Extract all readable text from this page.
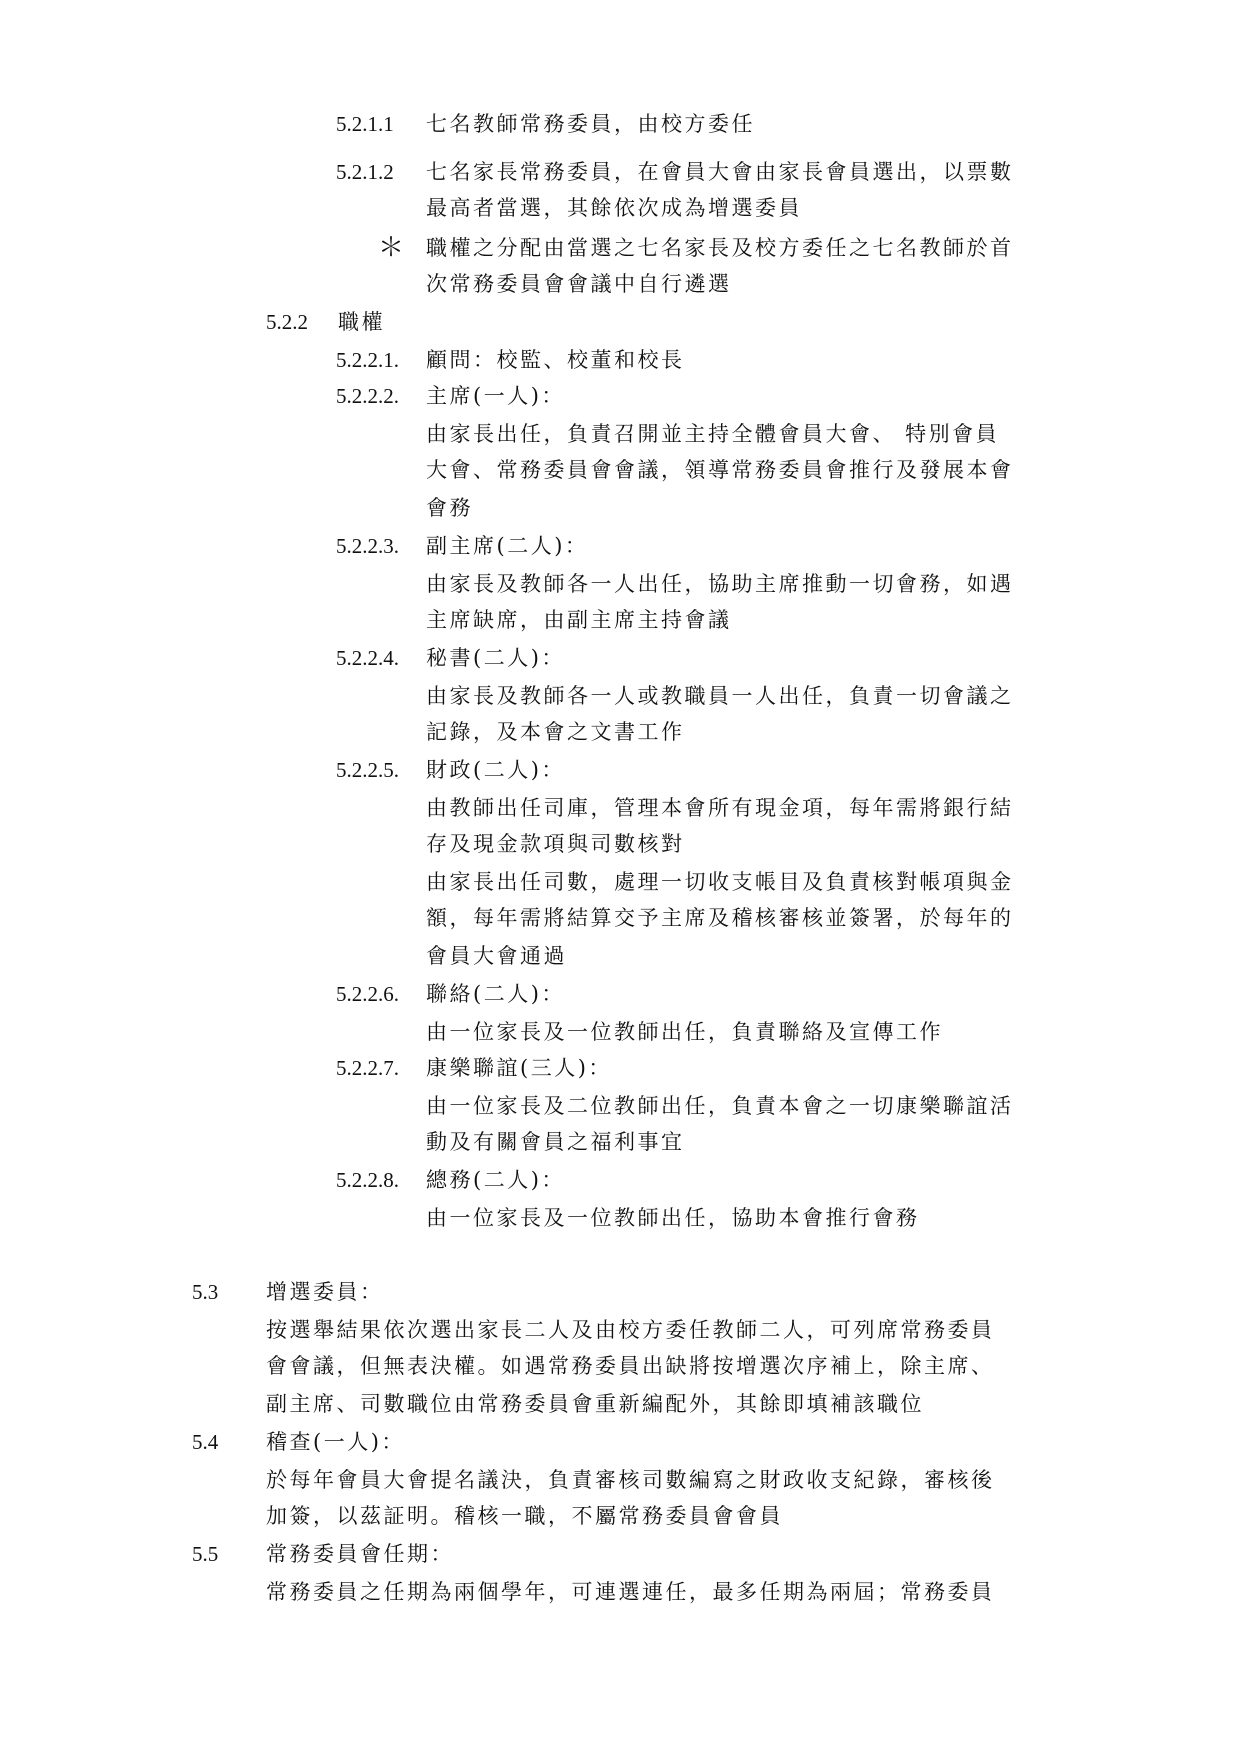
5.2.1.1 七名教師常務委員，由校方委任
5.2.1.2 七名家長常務委員，在會員大會由家長會員選出，以票數
最高者當選，其餘依次成為增選委員
＊ 職權之分配由當選之七名家長及校方委任之七名教師於首
次常務委員會會議中自行遴選
5.2.2 職權
5.2.2.1. 顧問：校監、校董和校長
5.2.2.2. 主席(一人)：
由家長出任，負責召開並主持全體會員大會、 特別會員
大會、常務委員會會議，領導常務委員會推行及發展本會
會務
5.2.2.3. 副主席(二人)：
由家長及教師各一人出任，協助主席推動一切會務，如遇
主席缺席，由副主席主持會議
5.2.2.4. 秘書(二人)：
由家長及教師各一人或教職員一人出任，負責一切會議之
記錄，及本會之文書工作
5.2.2.5. 財政(二人)：
由教師出任司庫，管理本會所有現金項，每年需將銀行結
存及現金款項與司數核對
由家長出任司數，處理一切收支帳目及負責核對帳項與金
額，每年需將結算交予主席及稽核審核並簽署，於每年的
會員大會通過
5.2.2.6. 聯絡(二人)：
由一位家長及一位教師出任，負責聯絡及宣傳工作
5.2.2.7. 康樂聯誼(三人)：
由一位家長及二位教師出任，負責本會之一切康樂聯誼活
動及有關會員之福利事宜
5.2.2.8. 總務(二人)：
由一位家長及一位教師出任，協助本會推行會務
5.3 增選委員：
按選舉結果依次選出家長二人及由校方委任教師二人，可列席常務委員
會會議，但無表決權。如遇常務委員出缺將按增選次序補上，除主席、
副主席、司數職位由常務委員會重新編配外，其餘即填補該職位
5.4 稽查(一人)：
於每年會員大會提名議決，負責審核司數編寫之財政收支紀錄，審核後
加簽，以茲証明。稽核一職，不屬常務委員會會員
5.5 常務委員會任期：
常務委員之任期為兩個學年，可連選連任，最多任期為兩屆；常務委員
